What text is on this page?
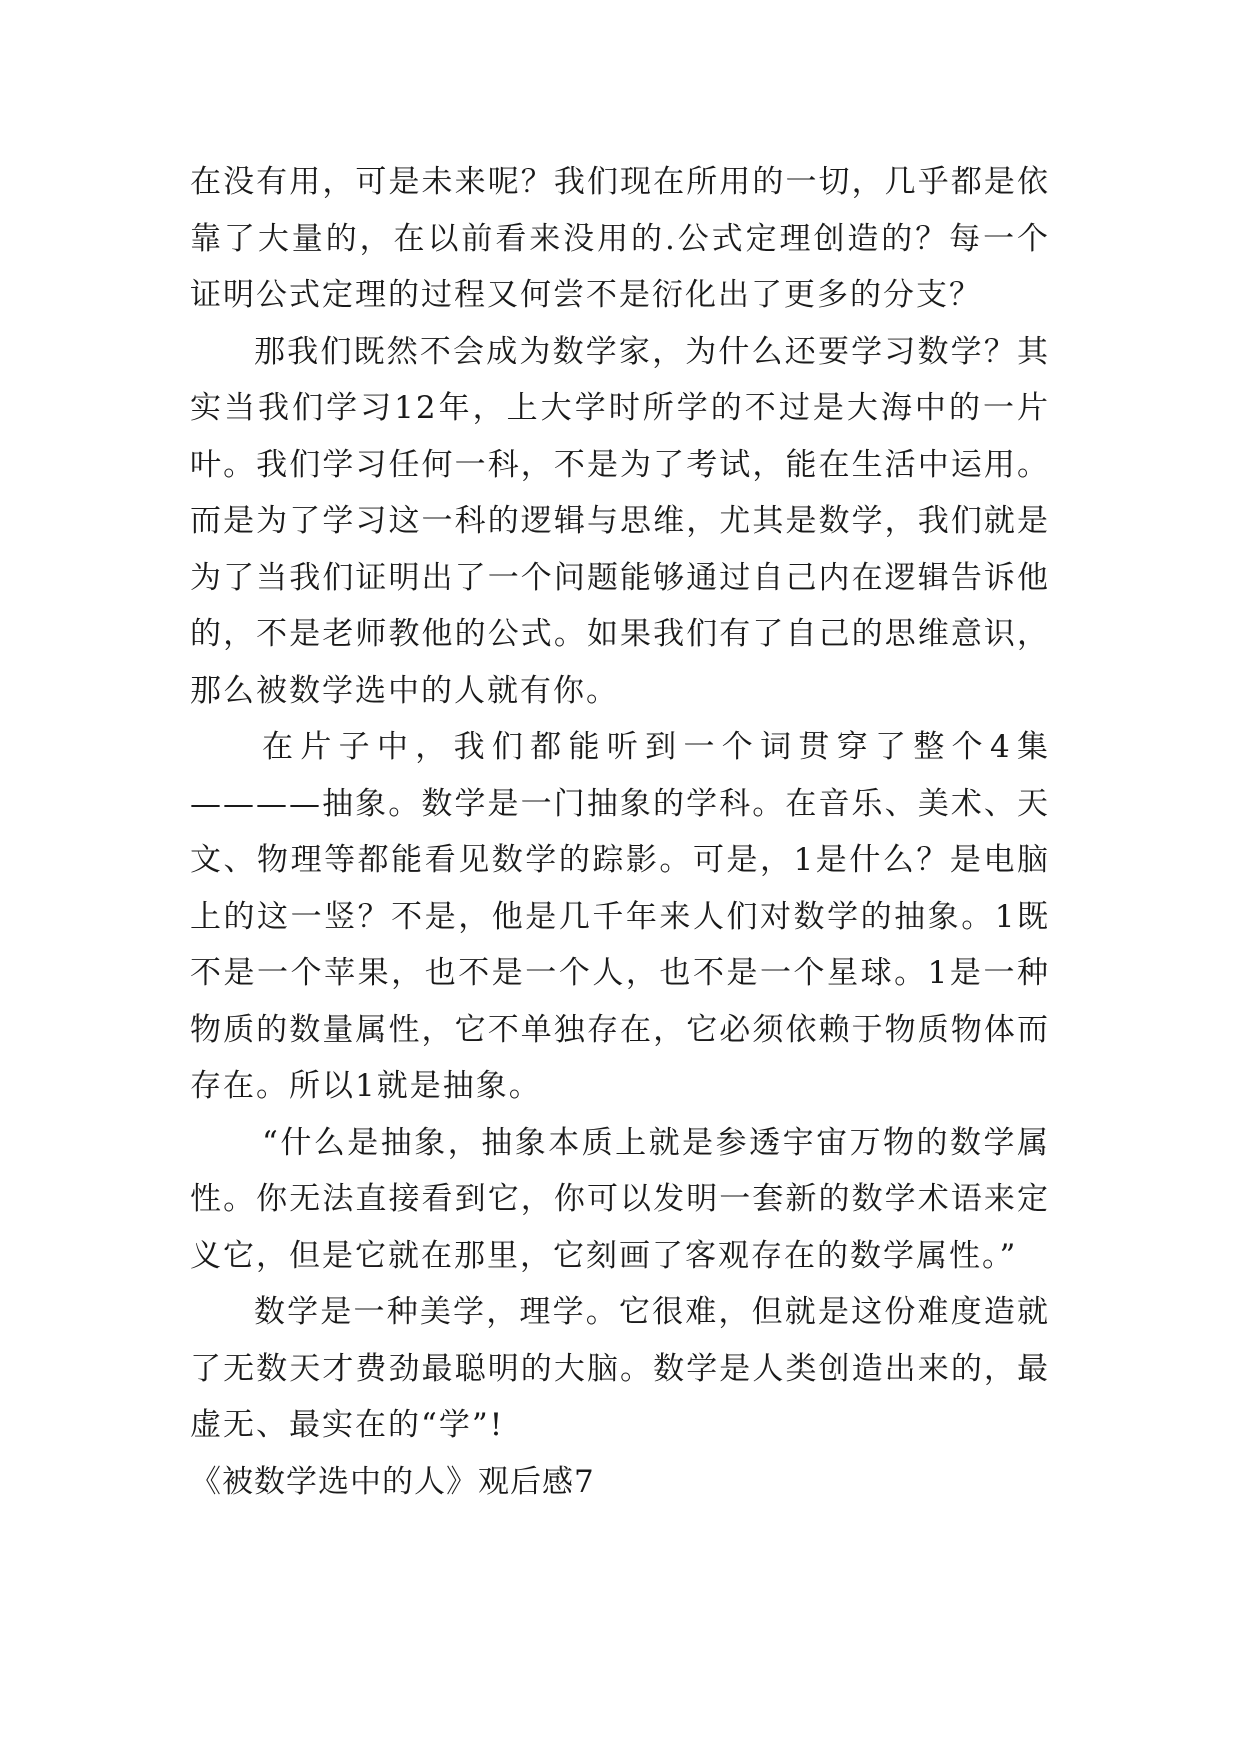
在没有用，可是未来呢？我们现在所用的一切，几乎都是依靠了大量的，在以前看来没用的.公式定理创造的？每一个证明公式定理的过程又何尝不是衍化出了更多的分支？

那我们既然不会成为数学家，为什么还要学习数学？其实当我们学习12年，上大学时所学的不过是大海中的一片叶。我们学习任何一科，不是为了考试，能在生活中运用。而是为了学习这一科的逻辑与思维，尤其是数学，我们就是为了当我们证明出了一个问题能够通过自己内在逻辑告诉他的，不是老师教他的公式。如果我们有了自己的思维意识，那么被数学选中的人就有你。

在片子中，我们都能听到一个词贯穿了整个4集————抽象。数学是一门抽象的学科。在音乐、美术、天文、物理等都能看见数学的踪影。可是，1是什么？是电脑上的这一竖？不是，他是几千年来人们对数学的抽象。1既不是一个苹果，也不是一个人，也不是一个星球。1是一种物质的数量属性，它不单独存在，它必须依赖于物质物体而存在。所以1就是抽象。

“什么是抽象，抽象本质上就是参透宇宙万物的数学属性。你无法直接看到它，你可以发明一套新的数学术语来定义它，但是它就在那里，它刻画了客观存在的数学属性。”

数学是一种美学，理学。它很难，但就是这份难度造就了无数天才费劲最聪明的大脑。数学是人类创造出来的，最虚无、最实在的“学”!

《被数学选中的人》观后感7
